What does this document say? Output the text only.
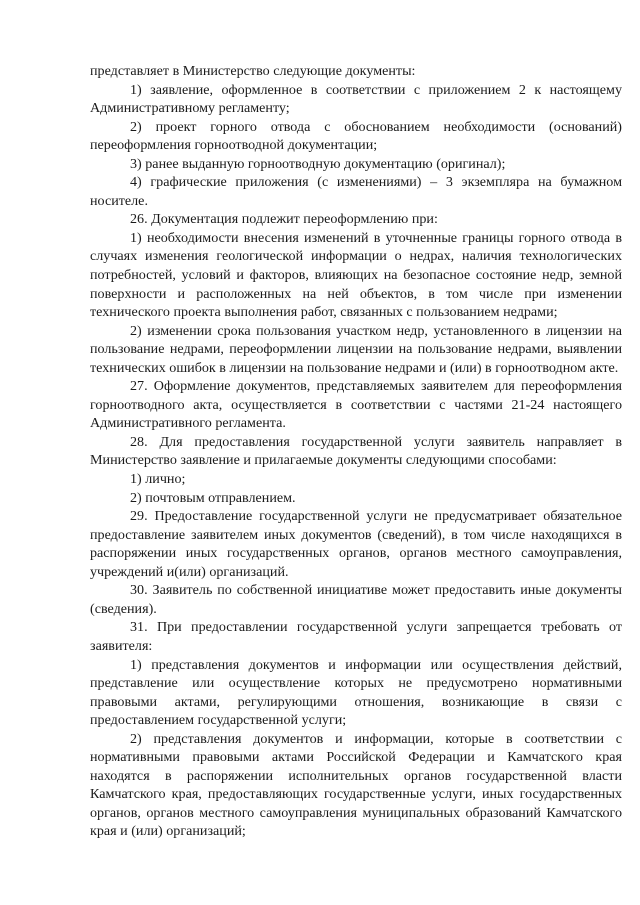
представляет в Министерство следующие документы:

1) заявление, оформленное в соответствии с приложением 2 к настоящему Административному регламенту;

2) проект горного отвода с обоснованием необходимости (оснований) переоформления горноотводной документации;

3) ранее выданную горноотводную документацию (оригинал);

4) графические приложения (с изменениями) – 3 экземпляра на бумажном носителе.

26. Документация подлежит переоформлению при:

1) необходимости внесения изменений в уточненные границы горного отвода в случаях изменения геологической информации о недрах, наличия технологических потребностей, условий и факторов, влияющих на безопасное состояние недр, земной поверхности и расположенных на ней объектов, в том числе при изменении технического проекта выполнения работ, связанных с пользованием недрами;

2) изменении срока пользования участком недр, установленного в лицензии на пользование недрами, переоформлении лицензии на пользование недрами, выявлении технических ошибок в лицензии на пользование недрами и (или) в горноотводном акте.

27. Оформление документов, представляемых заявителем для переоформления горноотводного акта, осуществляется в соответствии с частями 21-24 настоящего Административного регламента.

28. Для предоставления государственной услуги заявитель направляет в Министерство заявление и прилагаемые документы следующими способами:

1) лично;

2) почтовым отправлением.

29. Предоставление государственной услуги не предусматривает обязательное предоставление заявителем иных документов (сведений), в том числе находящихся в распоряжении иных государственных органов, органов местного самоуправления, учреждений и(или) организаций.

30. Заявитель по собственной инициативе может предоставить иные документы (сведения).

31. При предоставлении государственной услуги запрещается требовать от заявителя:

1) представления документов и информации или осуществления действий, представление или осуществление которых не предусмотрено нормативными правовыми актами, регулирующими отношения, возникающие в связи с предоставлением государственной услуги;

2) представления документов и информации, которые в соответствии с нормативными правовыми актами Российской Федерации и Камчатского края находятся в распоряжении исполнительных органов государственной власти Камчатского края, предоставляющих государственные услуги, иных государственных органов, органов местного самоуправления муниципальных образований Камчатского края и (или) организаций;
